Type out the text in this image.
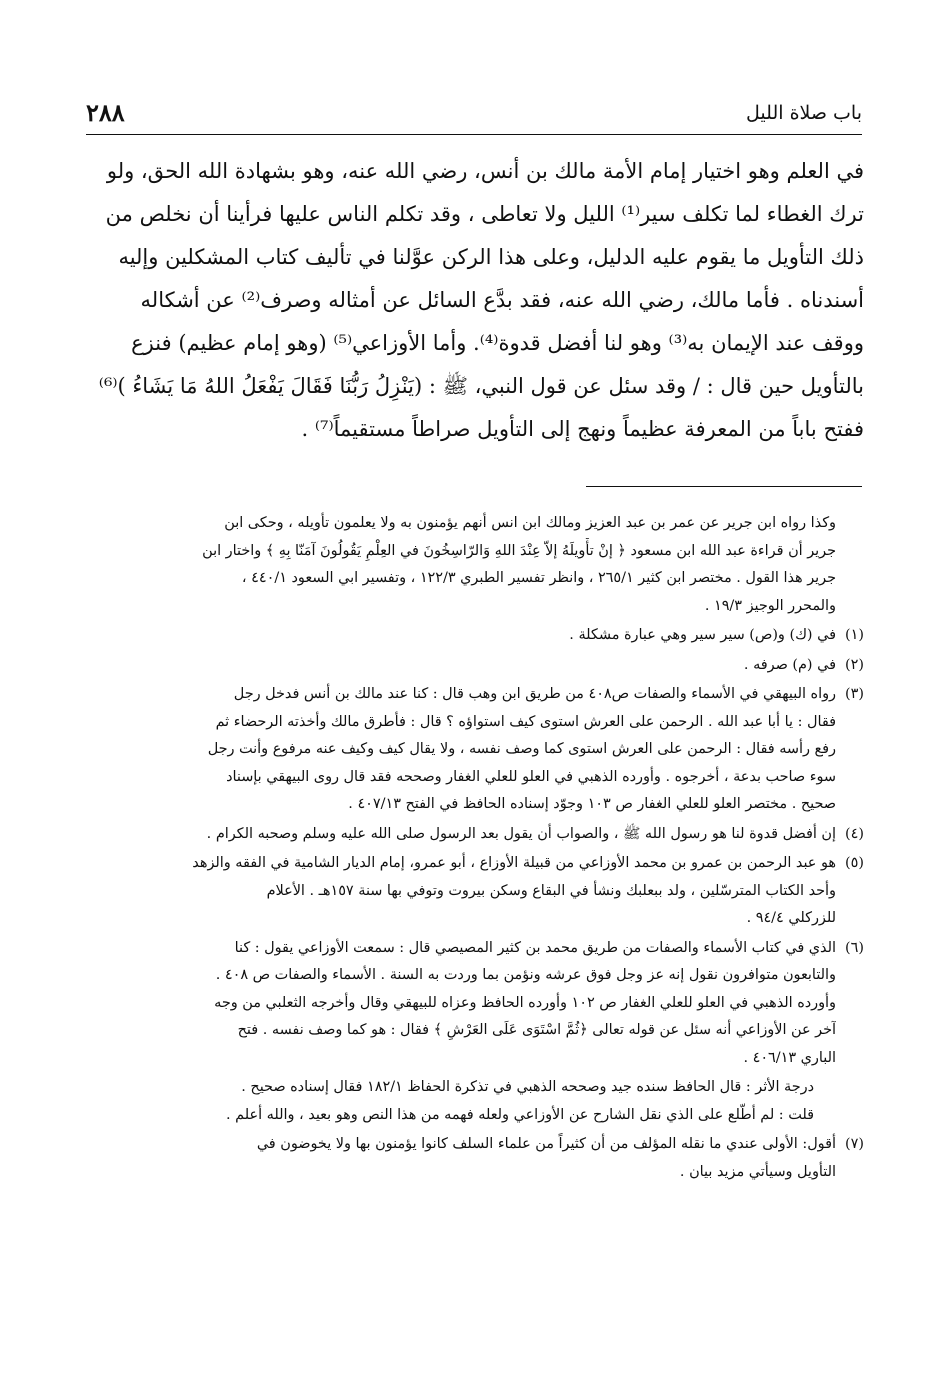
باب صلاة الليل
٢٨٨
في العلم وهو اختيار إمام الأمة مالك بن أنس، رضي الله عنه، وهو بشهادة الله الحق، ولو
ترك الغطاء لما تكلف سير⁽¹⁾ الليل ولا تعاطى ، وقد تكلم الناس عليها فرأينا أن نخلص من
ذلك التأويل ما يقوم عليه الدليل، وعلى هذا الركن عوَّلنا في تأليف كتاب المشكلين وإليه
أسندناه . فأما مالك، رضي الله عنه، فقد بدَّع السائل عن أمثاله وصرف⁽²⁾ عن أشكاله
ووقف عند الإيمان به⁽³⁾ وهو لنا أفضل قدوة⁽⁴⁾. وأما الأوزاعي⁽⁵⁾ (وهو إمام عظيم) فنزع
بالتأويل حين قال : / وقد سئل عن قول النبي، ﷺ : (يَنْزِلُ رَبُّنَا فَقَالَ يَفْعَلُ اللهُ مَا يَشَاءُ )⁽⁶⁾
ففتح باباً من المعرفة عظيماً ونهج إلى التأويل صراطاً مستقيماً⁽⁷⁾ .
وكذا رواه ابن جرير عن عمر بن عبد العزيز ومالك ابن انس أنهم يؤمنون به ولا يعلمون تأويله ، وحكى ابن
جرير أن قراءة عبد الله ابن مسعود ﴿ إنْ تأْويلَهُ إلاّ عِنْدَ اللهِ وَالرّاسِخُونَ في العِلْمِ يَقُولُونَ آمَنّا بِهِ ﴾ واختار ابن
جرير هذا القول . مختصر ابن كثير ٢٦٥/١ ، وانظر تفسير الطبري ١٢٢/٣ ، وتفسير ابي السعود ٤٤٠/١ ،
والمحرر الوجيز ١٩/٣ .
(١)
في (ك) و(ص) سير سير وهي عبارة مشكلة .
(٢)
في (م) صرفه .
(٣)
رواه البيهقي في الأسماء والصفات ص٤٠٨ من طريق ابن وهب قال : كنا عند مالك بن أنس فدخل رجل
فقال : يا أبا عبد الله . الرحمن على العرش استوى كيف استواؤه ؟ قال : فأطرق مالك وأخذته الرحضاء ثم
رفع رأسه فقال : الرحمن على العرش استوى كما وصف نفسه ، ولا يقال كيف وكيف عنه مرفوع وأنت رجل
سوء صاحب بدعة ، أخرجوه . وأورده الذهبي في العلو للعلي الغفار وصححه فقد قال روى البيهقي بإسناد
صحيح . مختصر العلو للعلي الغفار ص ١٠٣ وجوّد إسناده الحافظ في الفتح ٤٠٧/١٣ .
(٤)
إن أفضل قدوة لنا هو رسول الله ﷺ ، والصواب أن يقول بعد الرسول صلى الله عليه وسلم وصحبه الكرام .
(٥)
هو عبد الرحمن بن عمرو بن محمد الأوزاعي من قبيلة الأوزاع ، أبو عمرو، إمام الديار الشامية في الفقه والزهد
وأحد الكتاب المترسّلين ، ولد ببعلبك ونشأ في البقاع وسكن بيروت وتوفي بها سنة ١٥٧هـ . الأعلام
للزركلي ٩٤/٤ .
(٦)
الذي في كتاب الأسماء والصفات من طريق محمد بن كثير المصيصي قال : سمعت الأوزاعي يقول : كنا
والتابعون متوافرون نقول إنه عز وجل فوق عرشه ونؤمن بما وردت به السنة . الأسماء والصفات ص ٤٠٨ .
وأورده الذهبي في العلو للعلي الغفار ص ١٠٢ وأورده الحافظ وعزاه للبيهقي وقال وأخرجه الثعلبي من وجه
آخر عن الأوزاعي أنه سئل عن قوله تعالى ﴿ثُمَّ اسْتَوَى عَلَى العَرْشِ ﴾ فقال : هو كما وصف نفسه . فتح
الباري ٤٠٦/١٣ .
درجة الأثر : قال الحافظ سنده جيد وصححه الذهبي في تذكرة الحفاظ ١٨٢/١ فقال إسناده صحيح .
قلت : لم أطّلع على الذي نقل الشارح عن الأوزاعي ولعله فهمه من هذا النص وهو بعيد ، والله أعلم .
(٧)
أقول: الأولى عندي ما نقله المؤلف من أن كثيراً من علماء السلف كانوا يؤمنون بها ولا يخوضون في
التأويل وسيأتي مزيد بيان .
